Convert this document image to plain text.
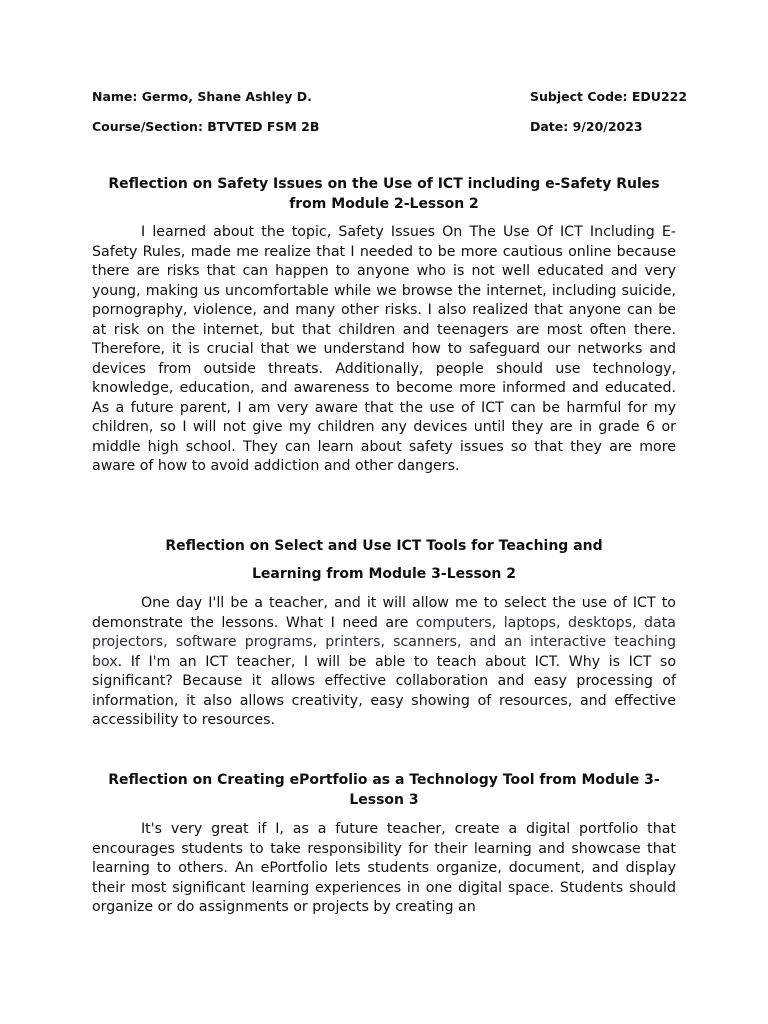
Name: Germo, Shane Ashley D.	Subject Code: EDU222
Course/Section: BTVTED FSM 2B	Date: 9/20/2023
Reflection on Safety Issues on the Use of ICT including e-Safety Rules from Module 2-Lesson 2

I learned about the topic, Safety Issues On The Use Of ICT Including E-Safety Rules, made me realize that I needed to be more cautious online because there are risks that can happen to anyone who is not well educated and very young, making us uncomfortable while we browse the internet, including suicide, pornography, violence, and many other risks. I also realized that anyone can be at risk on the internet, but that children and teenagers are most often there. Therefore, it is crucial that we understand how to safeguard our networks and devices from outside threats. Additionally, people should use technology, knowledge, education, and awareness to become more informed and educated. As a future parent, I am very aware that the use of ICT can be harmful for my children, so I will not give my children any devices until they are in grade 6 or middle high school. They can learn about safety issues so that they are more aware of how to avoid addiction and other dangers.

Reflection on Select and Use ICT Tools for Teaching and
Learning from Module 3-Lesson 2

One day I'll be a teacher, and it will allow me to select the use of ICT to demonstrate the lessons. What I need are computers, laptops, desktops, data projectors, software programs, printers, scanners, and an interactive teaching box. If I'm an ICT teacher, I will be able to teach about ICT. Why is ICT so significant? Because it allows effective collaboration and easy processing of information, it also allows creativity, easy showing of resources, and effective accessibility to resources.

Reflection on Creating ePortfolio as a Technology Tool from Module 3-Lesson 3

It's very great if I, as a future teacher, create a digital portfolio that encourages students to take responsibility for their learning and showcase that learning to others. An ePortfolio lets students organize, document, and display their most significant learning experiences in one digital space. Students should organize or do assignments or projects by creating an
